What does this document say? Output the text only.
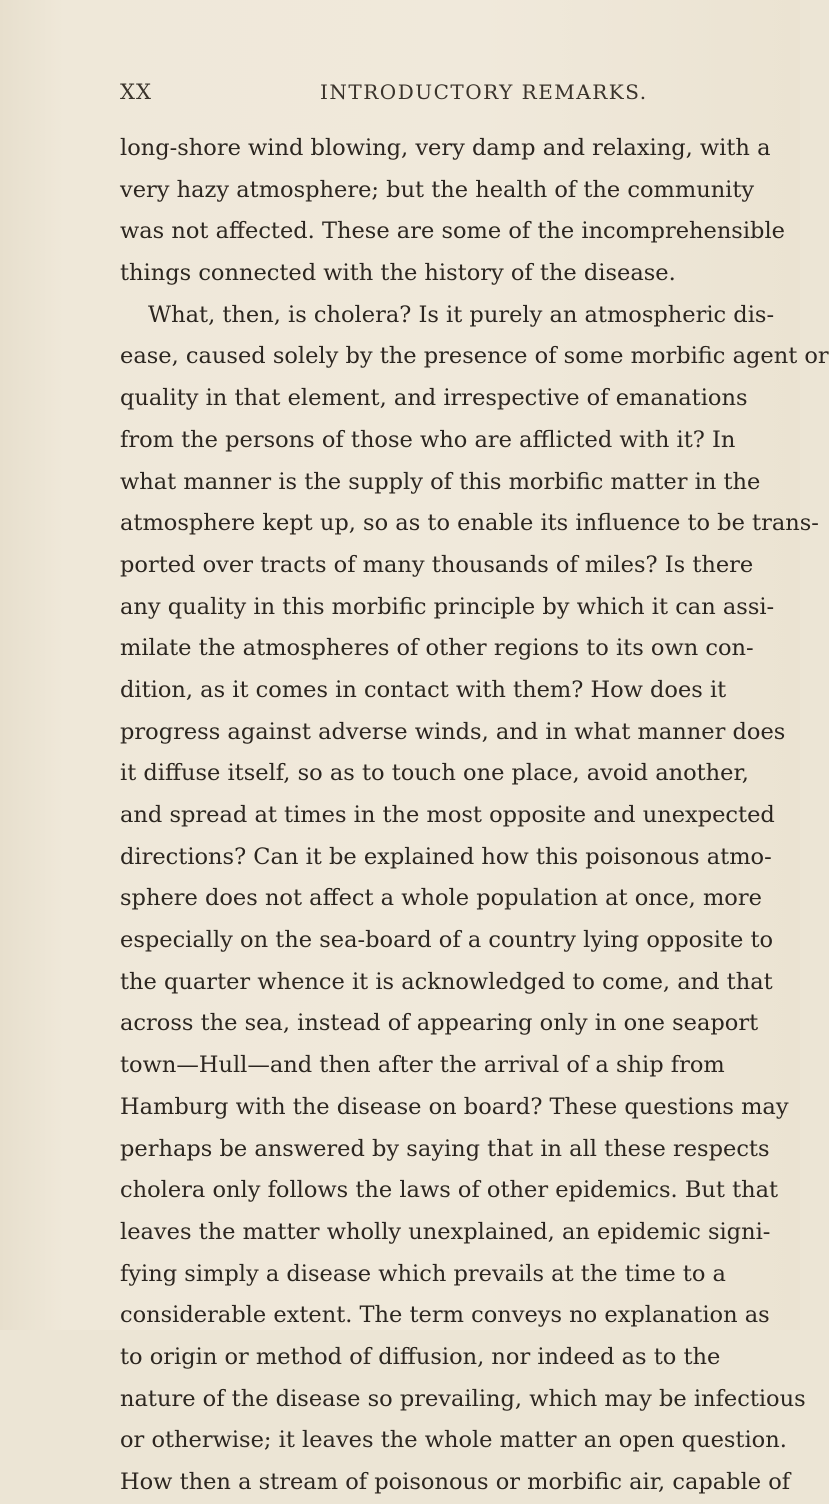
XX	INTRODUCTORY REMARKS.
long-shore wind blowing, very damp and relaxing, with a
very hazy atmosphere; but the health of the community
was not affected. These are some of the incomprehensible
things connected with the history of the disease.
What, then, is cholera? Is it purely an atmospheric dis-
ease, caused solely by the presence of some morbific agent or
quality in that element, and irrespective of emanations
from the persons of those who are afflicted with it? In
what manner is the supply of this morbific matter in the
atmosphere kept up, so as to enable its influence to be trans-
ported over tracts of many thousands of miles? Is there
any quality in this morbific principle by which it can assi-
milate the atmospheres of other regions to its own con-
dition, as it comes in contact with them? How does it
progress against adverse winds, and in what manner does
it diffuse itself, so as to touch one place, avoid another,
and spread at times in the most opposite and unexpected
directions? Can it be explained how this poisonous atmo-
sphere does not affect a whole population at once, more
especially on the sea-board of a country lying opposite to
the quarter whence it is acknowledged to come, and that
across the sea, instead of appearing only in one seaport
town—Hull—and then after the arrival of a ship from
Hamburg with the disease on board? These questions may
perhaps be answered by saying that in all these respects
cholera only follows the laws of other epidemics. But that
leaves the matter wholly unexplained, an epidemic signi-
fying simply a disease which prevails at the time to a
considerable extent. The term conveys no explanation as
to origin or method of diffusion, nor indeed as to the
nature of the disease so prevailing, which may be infectious
or otherwise; it leaves the whole matter an open question.
How then a stream of poisonous or morbific air, capable of
